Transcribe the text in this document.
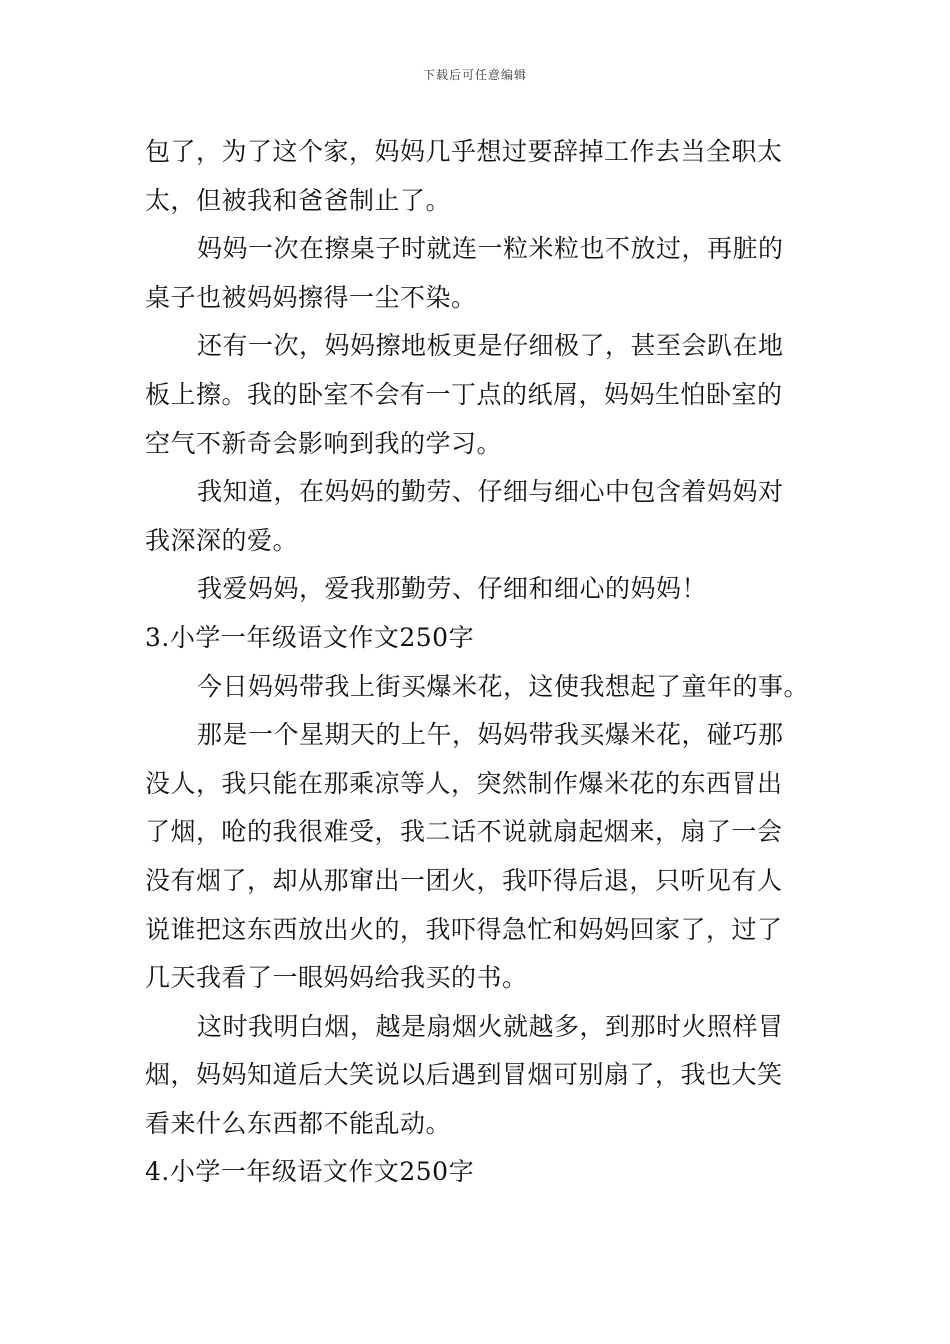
下载后可任意编辑
包了，为了这个家，妈妈几乎想过要辞掉工作去当全职太
太，但被我和爸爸制止了。
妈妈一次在擦桌子时就连一粒米粒也不放过，再脏的
桌子也被妈妈擦得一尘不染。
还有一次，妈妈擦地板更是仔细极了，甚至会趴在地
板上擦。我的卧室不会有一丁点的纸屑，妈妈生怕卧室的
空气不新奇会影响到我的学习。
我知道，在妈妈的勤劳、仔细与细心中包含着妈妈对
我深深的爱。
我爱妈妈，爱我那勤劳、仔细和细心的妈妈！
3.小学一年级语文作文250字
今日妈妈带我上街买爆米花，这使我想起了童年的事。
那是一个星期天的上午，妈妈带我买爆米花，碰巧那
没人，我只能在那乘凉等人，突然制作爆米花的东西冒出
了烟，呛的我很难受，我二话不说就扇起烟来，扇了一会
没有烟了，却从那窜出一团火，我吓得后退，只听见有人
说谁把这东西放出火的，我吓得急忙和妈妈回家了，过了
几天我看了一眼妈妈给我买的书。
这时我明白烟，越是扇烟火就越多，到那时火照样冒
烟，妈妈知道后大笑说以后遇到冒烟可别扇了，我也大笑
看来什么东西都不能乱动。
4.小学一年级语文作文250字
